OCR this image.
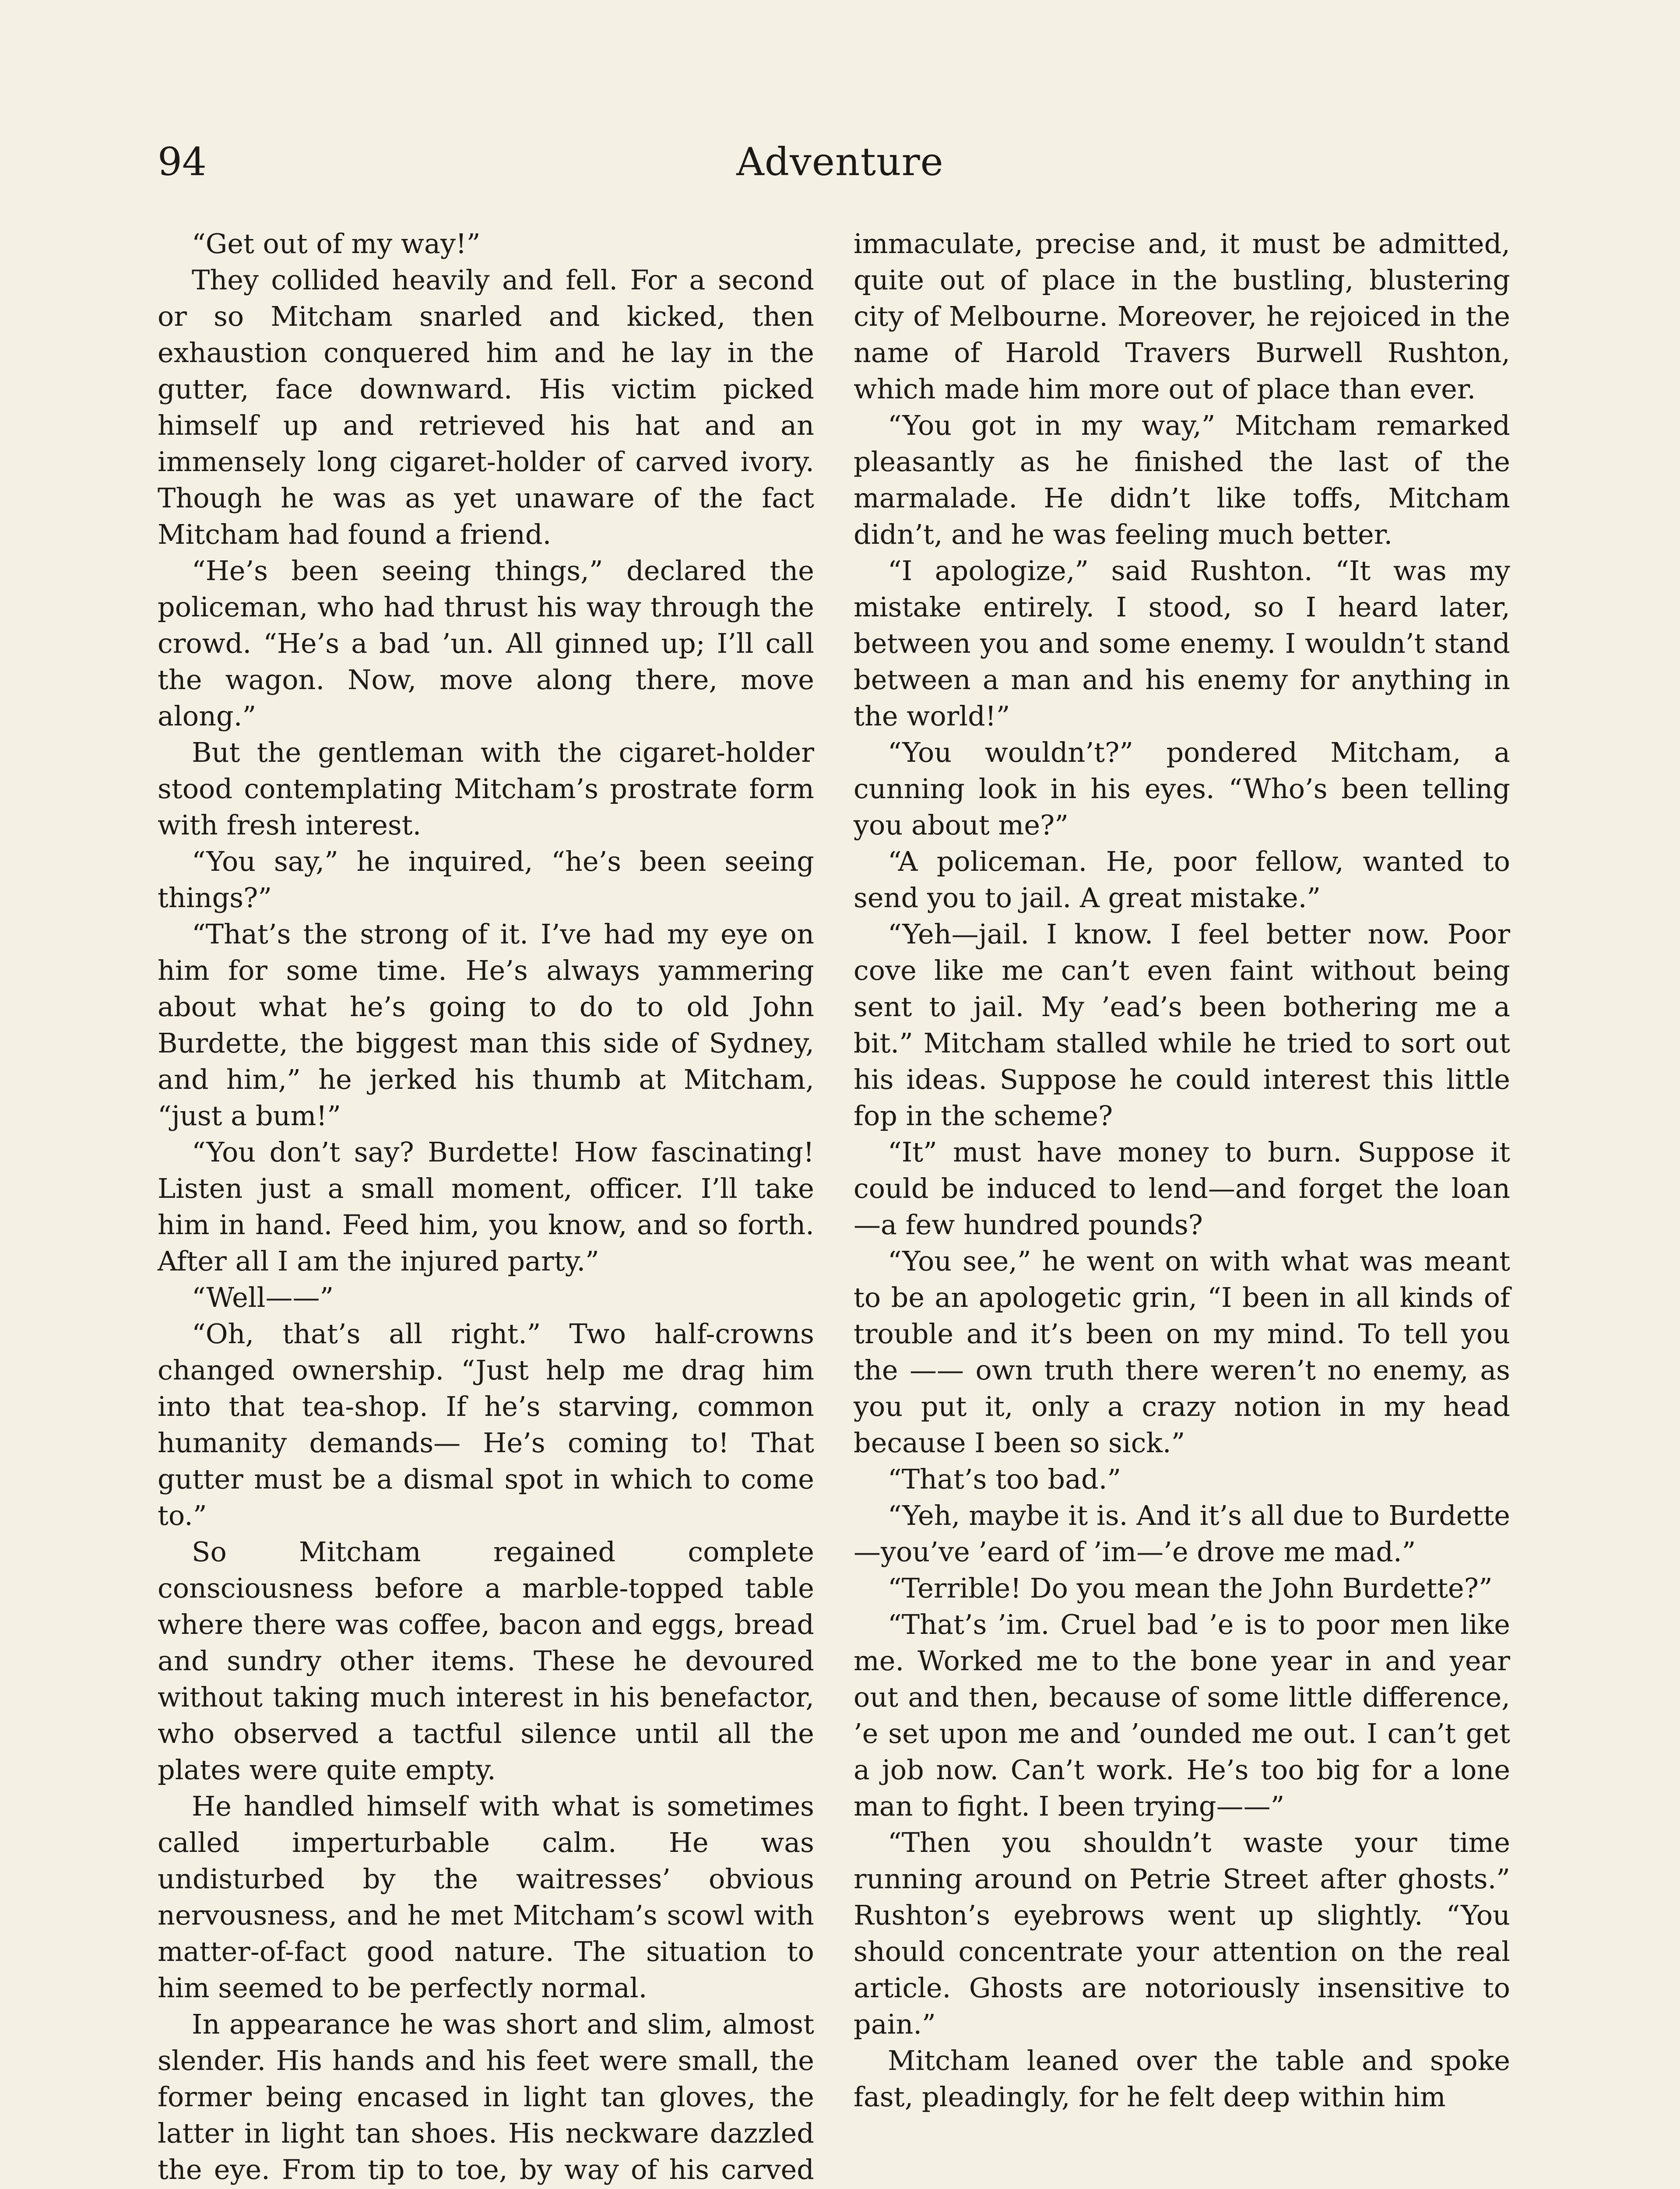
94	Adventure

“Get out of my way!”

They collided heavily and fell. For a second or so Mitcham snarled and kicked, then exhaustion conquered him and he lay in the gutter, face downward. His victim picked himself up and retrieved his hat and an immensely long cigaret-holder of carved ivory. Though he was as yet unaware of the fact Mitcham had found a friend.

“He’s been seeing things,” declared the policeman, who had thrust his way through the crowd. “He’s a bad ’un. All ginned up; I’ll call the wagon. Now, move along there, move along.”

But the gentleman with the cigaret-holder stood contemplating Mitcham’s prostrate form with fresh interest.

“You say,” he inquired, “he’s been seeing things?”

“That’s the strong of it. I’ve had my eye on him for some time. He’s always yammering about what he’s going to do to old John Burdette, the biggest man this side of Sydney, and him,” he jerked his thumb at Mitcham, “just a bum!”

“You don’t say? Burdette! How fascinating! Listen just a small moment, officer. I’ll take him in hand. Feed him, you know, and so forth. After all I am the injured party.”

“Well——”

“Oh, that’s all right.” Two half-crowns changed ownership. “Just help me drag him into that tea-shop. If he’s starving, common humanity demands— He’s coming to! That gutter must be a dismal spot in which to come to.”

So Mitcham regained complete consciousness before a marble-topped table where there was coffee, bacon and eggs, bread and sundry other items. These he devoured without taking much interest in his benefactor, who observed a tactful silence until all the plates were quite empty.

He handled himself with what is sometimes called imperturbable calm. He was undisturbed by the waitresses’ obvious nervousness, and he met Mitcham’s scowl with matter-of-fact good nature. The situation to him seemed to be perfectly normal.

In appearance he was short and slim, almost slender. His hands and his feet were small, the former being encased in light tan gloves, the latter in light tan shoes. His neckware dazzled the eye. From tip to toe, by way of his carved

immaculate, precise and, it must be admitted, quite out of place in the bustling, blustering city of Melbourne. Moreover, he rejoiced in the name of Harold Travers Burwell Rushton, which made him more out of place than ever.

“You got in my way,” Mitcham remarked pleasantly as he finished the last of the marmalade. He didn’t like toffs, Mitcham didn’t, and he was feeling much better.

“I apologize,” said Rushton. “It was my mistake entirely. I stood, so I heard later, between you and some enemy. I wouldn’t stand between a man and his enemy for anything in the world!”

“You wouldn’t?” pondered Mitcham, a cunning look in his eyes. “Who’s been telling you about me?”

“A policeman. He, poor fellow, wanted to send you to jail. A great mistake.”

“Yeh—jail. I know. I feel better now. Poor cove like me can’t even faint without being sent to jail. My ’ead’s been bothering me a bit.” Mitcham stalled while he tried to sort out his ideas. Suppose he could interest this little fop in the scheme?

“It” must have money to burn. Suppose it could be induced to lend—and forget the loan—a few hundred pounds?

“You see,” he went on with what was meant to be an apologetic grin, “I been in all kinds of trouble and it’s been on my mind. To tell you the —— own truth there weren’t no enemy, as you put it, only a crazy notion in my head because I been so sick.”

“That’s too bad.”

“Yeh, maybe it is. And it’s all due to Burdette—you’ve ’eard of ’im—’e drove me mad.”

“Terrible! Do you mean the John Burdette?”

“That’s ’im. Cruel bad ’e is to poor men like me. Worked me to the bone year in and year out and then, because of some little difference, ’e set upon me and ’ounded me out. I can’t get a job now. Can’t work. He’s too big for a lone man to fight. I been trying——”

“Then you shouldn’t waste your time running around on Petrie Street after ghosts.” Rushton’s eyebrows went up slightly. “You should concentrate your attention on the real article. Ghosts are notoriously insensitive to pain.”

Mitcham leaned over the table and spoke fast, pleadingly, for he felt deep within him
